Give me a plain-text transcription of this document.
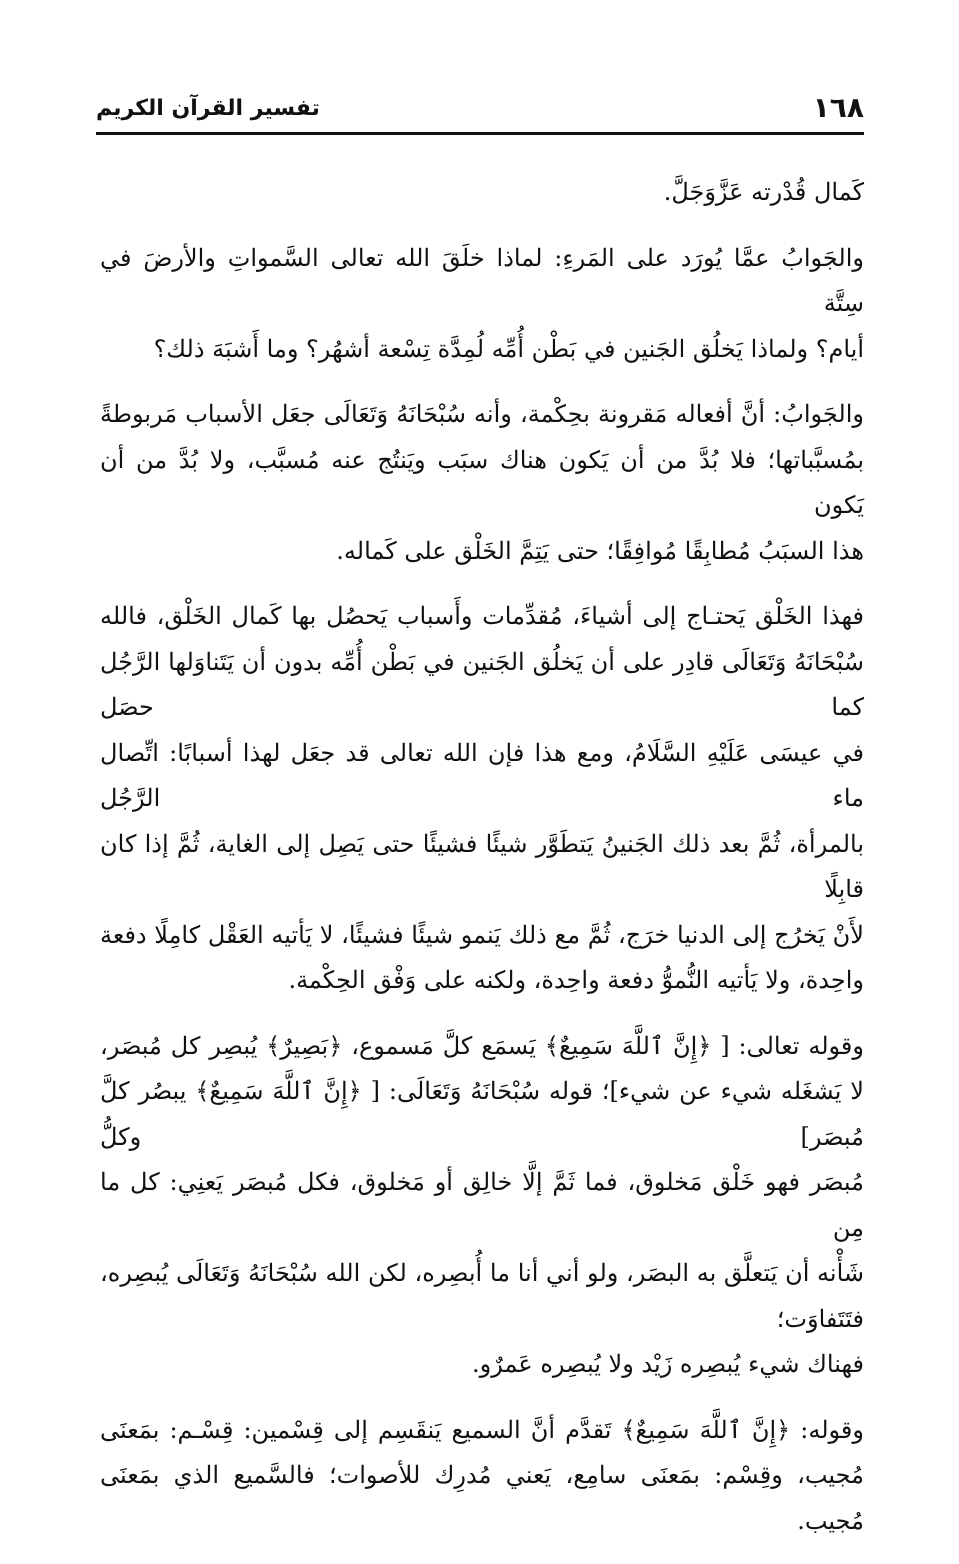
١٦٨
تفسير القرآن الكريم

كَمال قُدْرته عَزَّوَجَلَّ.

والجَوابُ عمَّا يُورَد على المَرءِ: لماذا خلَقَ الله تعالى السَّمواتِ والأرضَ في سِتَّة
أيام؟ ولماذا يَخلُق الجَنين في بَطْن أُمِّه لُمِدَّة تِسْعة أشهُر؟ وما أَشبَهَ ذلك؟

والجَوابُ: أنَّ أفعاله مَقرونة بحِكْمة، وأنه سُبْحَانَهُ وَتَعَالَى جعَل الأسباب مَربوطةً
بمُسبَّباتها؛ فلا بُدَّ من أن يَكون هناك سبَب ويَنتُج عنه مُسبَّب، ولا بُدَّ من أن يَكون
هذا السبَبُ مُطابِقًا مُوافِقًا؛ حتى يَتِمَّ الخَلْق على كَماله.

فهذا الخَلْق يَحتـاج إلى أشياءَ، مُقدِّمات وأَسباب يَحصُل بها كَمال الخَلْق، فالله
سُبْحَانَهُ وَتَعَالَى قادِر على أن يَخلُق الجَنين في بَطْن أُمِّه بدون أن يَتَناوَلها الرَّجُل كما حصَل
في عيسَى عَلَيْهِ السَّلَامُ، ومع هذا فإن الله تعالى قد جعَل لهذا أسبابًا: اتِّصال ماء الرَّجُل
بالمرأة، ثُمَّ بعد ذلك الجَنينُ يَتطَوَّر شيئًا فشيئًا حتى يَصِل إلى الغاية، ثُمَّ إذا كان قابِلًا
لأَنْ يَخرُج إلى الدنيا خرَج، ثُمَّ مع ذلك يَنمو شيئًا فشيئًا، لا يَأتيه العَقْل كامِلًا دفعة
واحِدة، ولا يَأتيه النُّموُّ دفعة واحِدة، ولكنه على وَفْق الحِكْمة.

وقوله تعالى: [ ﴿إِنَّ ٱللَّهَ سَمِيعٌ﴾ يَسمَع كلَّ مَسموع، ﴿بَصِيرٌ﴾ يُبصِر كل مُبصَر،
لا يَشغَله شيء عن شيء]؛ قوله سُبْحَانَهُ وَتَعَالَى: [ ﴿إِنَّ ٱللَّهَ سَمِيعٌ﴾ يبصُر كلَّ مُبصَر] وكلُّ
مُبصَر فهو خَلْق مَخلوق، فما ثَمَّ إلَّا خالِق أو مَخلوق، فكل مُبصَر يَعنِي: كل ما مِن
شَأْنه أن يَتعلَّق به البصَر، ولو أني أنا ما أُبصِره، لكن الله سُبْحَانَهُ وَتَعَالَى يُبصِره، فتَتَفاوَت؛
فهناك شيء يُبصِره زَيْد ولا يُبصِره عَمرٌو.

وقوله: ﴿إِنَّ ٱللَّهَ سَمِيعٌ﴾ تَقدَّم أنَّ السميع يَنقَسِم إلى قِسْمين: قِسْـم: بمَعنَى
مُجيب، وقِسْم: بمَعنَى سامِع، يَعني مُدرِك للأصوات؛ فالسَّميع الذي بمَعنَى مُجيب.
